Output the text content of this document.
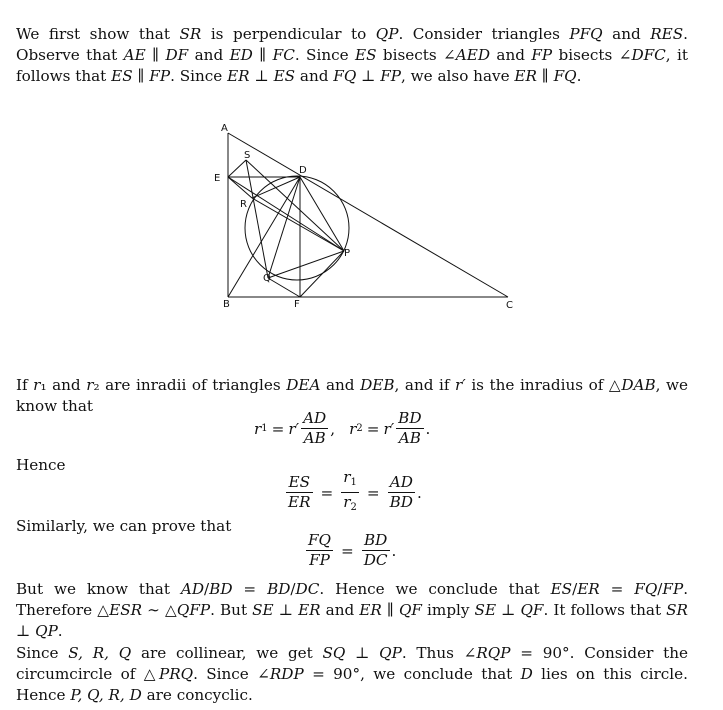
We first show that SR is perpendicular to QP. Consider triangles PFQ and RES. Observe that AE ∥ DF and ED ∥ FC. Since ES bisects ∠AED and FP bisects ∠DFC, it follows that ES ∥ FP. Since ER ⊥ ES and FQ ⊥ FP, we also have ER ∥ FQ.
A
E
S
D
R
P
Q
B	F	C
If r₁ and r₂ are inradii of triangles DEA and DEB, and if r′ is the inradius of △DAB, we know that
r $1 = r' \frac{AD}{AB}$ , r $2 = r' \frac{BD}{AB}$ .
Hence
$\frac{ES}{ER} = \frac{r_1}{r_2} = \frac{AD}{BD}$ .
Similarly, we can prove that
$\frac{FQ}{FP} = \frac{BD}{DC}$ .
But we know that AD/BD = BD/DC. Hence we conclude that ES/ER = FQ/FP. Therefore △ESR ∼ △QFP. But SE ⊥ ER and ER ∥ QF imply SE ⊥ QF. It follows that SR ⊥ QP.
Since S, R, Q are collinear, we get SQ ⊥ QP. Thus ∠RQP = 90°. Consider the circumcircle of △PRQ. Since ∠RDP = 90°, we conclude that D lies on this circle. Hence P, Q, R, D are concyclic.
